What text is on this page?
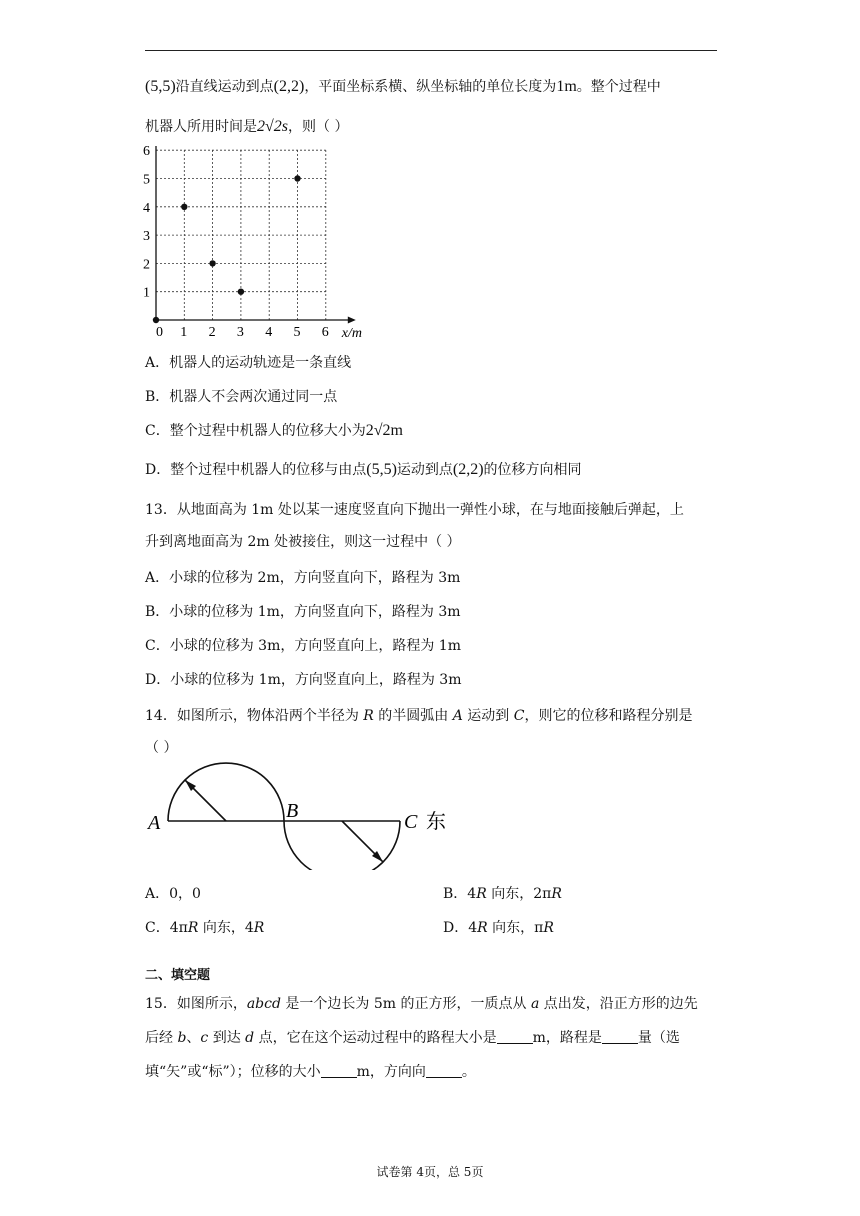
(5,5)沿直线运动到点(2,2)，平面坐标系横、纵坐标轴的单位长度为1m。整个过程中
机器人所用时间是2√2s，则（ ）
0 1 2 3 4 5 6
1
2
3
4
5
6
x/m
A．机器人的运动轨迹是一条直线
B．机器人不会两次通过同一点
C．整个过程中机器人的位移大小为2√2m
D．整个过程中机器人的位移与由点(5,5)运动到点(2,2)的位移方向相同
13．从地面高为 1m 处以某一速度竖直向下抛出一弹性小球，在与地面接触后弹起，上
升到离地面高为 2m 处被接住，则这一过程中（ ）
A．小球的位移为 2m，方向竖直向下，路程为 3m
B．小球的位移为 1m，方向竖直向下，路程为 3m
C．小球的位移为 3m，方向竖直向上，路程为 1m
D．小球的位移为 1m，方向竖直向上，路程为 3m
14．如图所示，物体沿两个半径为 R 的半圆弧由 A 运动到 C，则它的位移和路程分别是
（ ）
A
B	C 东
A．0，0	B．4R 向东，2πR
C．4πR 向东，4R	D．4R 向东，πR
二、填空题
15．如图所示，abcd 是一个边长为 5m 的正方形，一质点从 a 点出发，沿正方形的边先
后经 b、c 到达 d 点，它在这个运动过程中的路程大小是	m，路程是	量（选
填“矢”或“标”）；位移的大小	m，方向向	。
试卷第 4页，总 5页
